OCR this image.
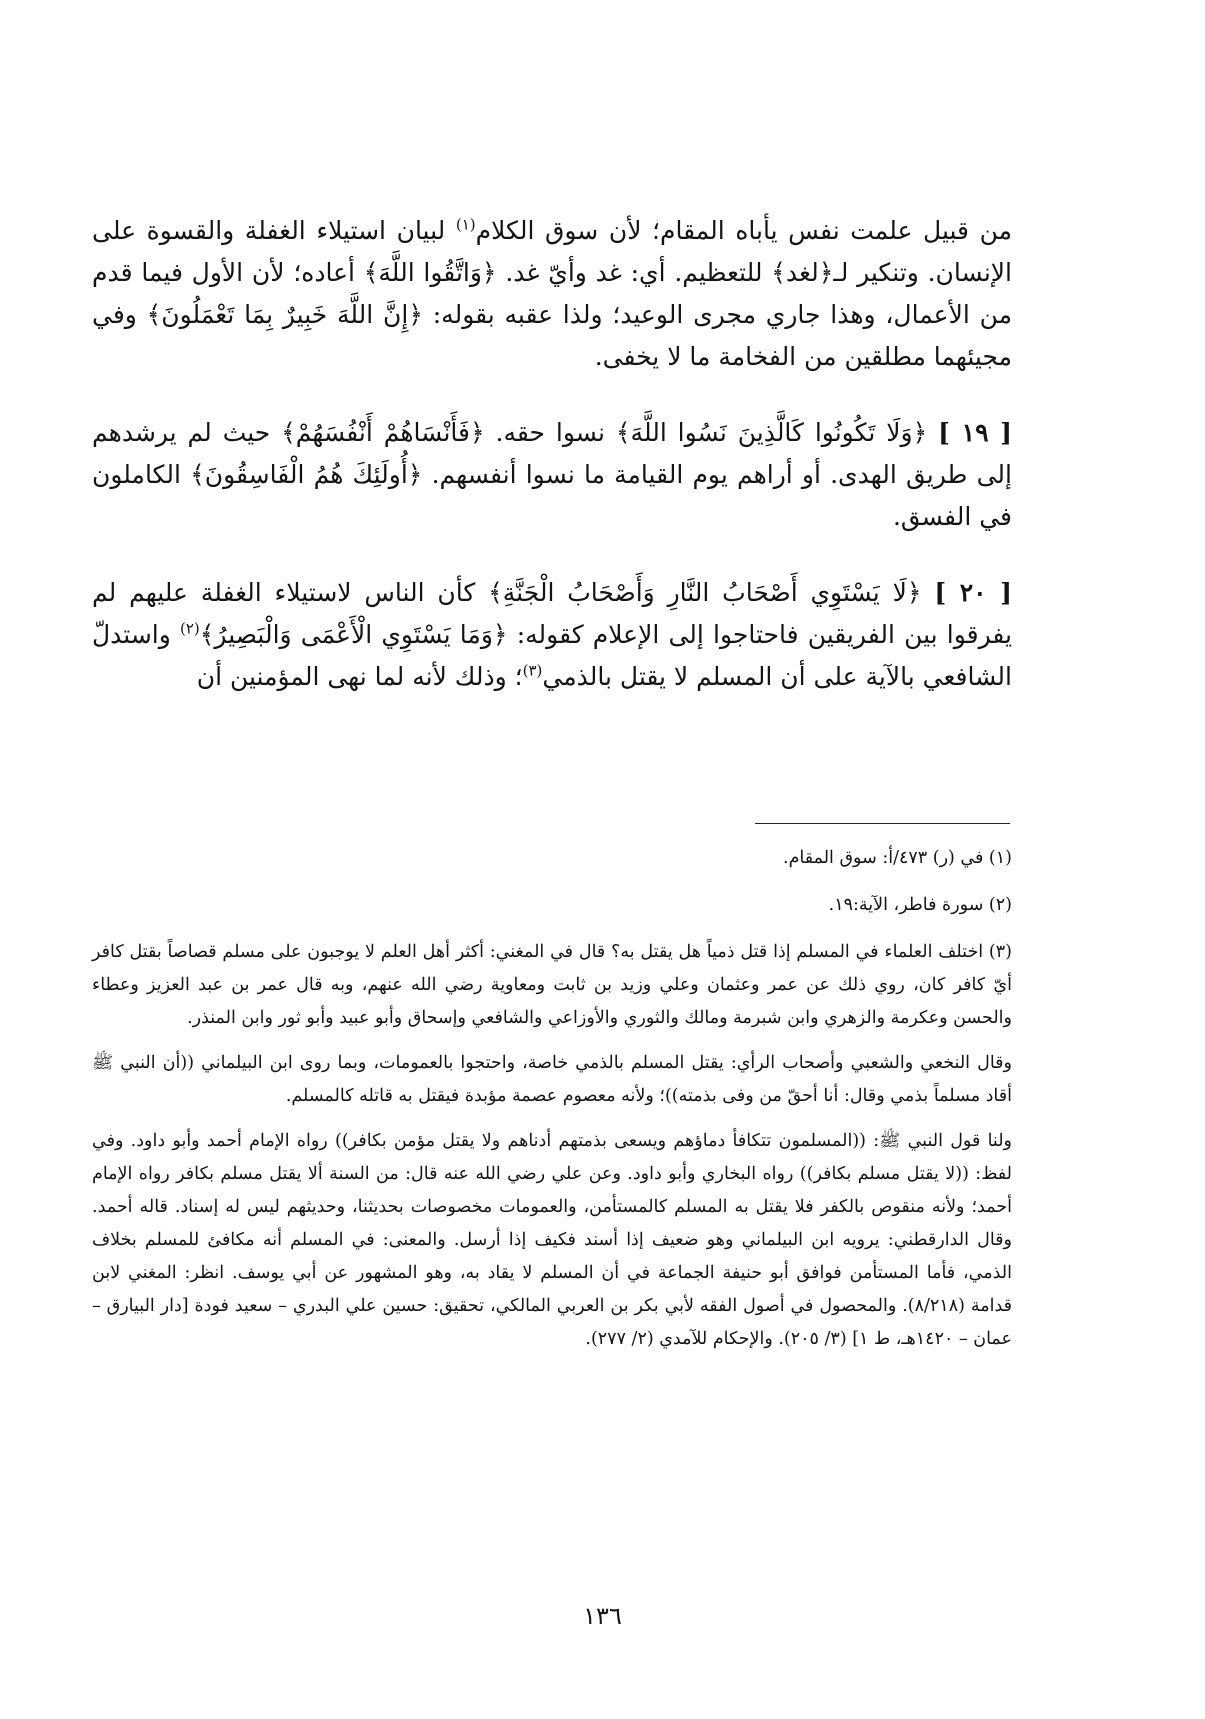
من قبيل علمت نفس يأباه المقام؛ لأن سوق الكلام$^{(١)}$ لبيان استيلاء الغفلة والقسوة على الإنسان. وتنكير لـ﴿لغد﴾ للتعظيم. أي: غد وأيّ غد. ﴿وَاتَّقُوا اللَّهَ﴾ أعاده؛ لأن الأول فيما قدم من الأعمال، وهذا جاري مجرى الوعيد؛ ولذا عقبه بقوله: ﴿إِنَّ اللَّهَ خَبِيرٌ بِمَا تَعْمَلُونَ﴾ وفي مجيئهما مطلقين من الفخامة ما لا يخفى.

[ ١٩ ] ﴿وَلَا تَكُونُوا كَالَّذِينَ نَسُوا اللَّهَ﴾ نسوا حقه. ﴿فَأَنْسَاهُمْ أَنْفُسَهُمْ﴾ حيث لم يرشدهم إلى طريق الهدى. أو أراهم يوم القيامة ما نسوا أنفسهم. ﴿أُولَئِكَ هُمُ الْفَاسِقُونَ﴾ الكاملون في الفسق.

[ ٢٠ ] ﴿لَا يَسْتَوِي أَصْحَابُ النَّارِ وَأَصْحَابُ الْجَنَّةِ﴾ كأن الناس لاستيلاء الغفلة عليهم لم يفرقوا بين الفريقين فاحتاجوا إلى الإعلام كقوله: ﴿وَمَا يَسْتَوِي الْأَعْمَى وَالْبَصِيرُ﴾$^{(٢)}$ واستدلّ الشافعي بالآية على أن المسلم لا يقتل بالذمي$^{(٣)}$؛ وذلك لأنه لما نهى المؤمنين أن

(١) في (ر) ٤٧٣/أ: سوق المقام.

(٢) سورة فاطر، الآية:١٩.

(٣) اختلف العلماء في المسلم إذا قتل ذمياً هل يقتل به؟ قال في المغني: أكثر أهل العلم لا يوجبون على مسلم قصاصاً بقتل كافر أيّ كافر كان، روي ذلك عن عمر وعثمان وعلي وزيد بن ثابت ومعاوية رضي الله عنهم، وبه قال عمر بن عبد العزيز وعطاء والحسن وعكرمة والزهري وابن شبرمة ومالك والثوري والأوزاعي والشافعي وإسحاق وأبو عبيد وأبو ثور وابن المنذر.

وقال النخعي والشعبي وأصحاب الرأي: يقتل المسلم بالذمي خاصة، واحتجوا بالعمومات، وبما روى ابن البيلماني ((أن النبي ﷺ أقاد مسلماً بذمي وقال: أنا أحقّ من وفى بذمته))؛ ولأنه معصوم عصمة مؤبدة فيقتل به قاتله كالمسلم.

ولنا قول النبي ﷺ: ((المسلمون تتكافأ دماؤهم ويسعى بذمتهم أدناهم ولا يقتل مؤمن بكافر)) رواه الإمام أحمد وأبو داود. وفي لفظ: ((لا يقتل مسلم بكافر)) رواه البخاري وأبو داود. وعن علي رضي الله عنه قال: من السنة ألا يقتل مسلم بكافر رواه الإمام أحمد؛ ولأنه منقوص بالكفر فلا يقتل به المسلم كالمستأمن، والعمومات مخصوصات بحديثنا، وحديثهم ليس له إسناد. قاله أحمد. وقال الدارقطني: يرويه ابن البيلماني وهو ضعيف إذا أسند فكيف إذا أرسل. والمعنى: في المسلم أنه مكافئ للمسلم بخلاف الذمي، فأما المستأمن فوافق أبو حنيفة الجماعة في أن المسلم لا يقاد به، وهو المشهور عن أبي يوسف. انظر: المغني لابن قدامة (٨/٢١٨). والمحصول في أصول الفقه لأبي بكر بن العربي المالكي، تحقيق: حسين علي البدري – سعيد فودة [دار البيارق – عمان – ١٤٢٠هـ، ط ١] (٣/ ٢٠٥). والإحكام للآمدي (٢/ ٢٧٧).

١٣٦
